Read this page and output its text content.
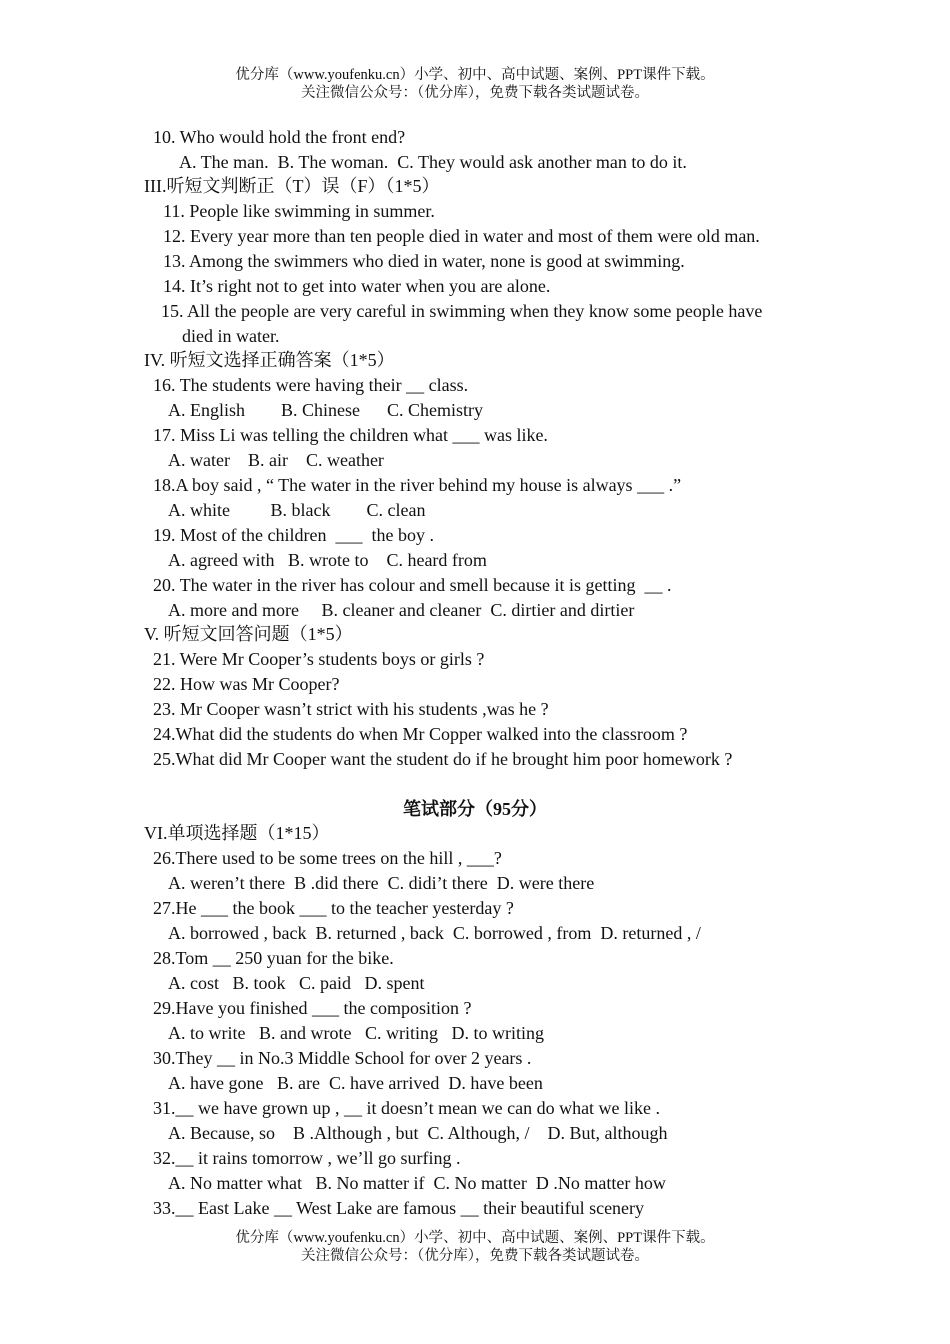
优分库（www.youfenku.cn）小学、初中、高中试题、案例、PPT课件下载。
关注微信公众号：（优分库），免费下载各类试题试卷。
10. Who would hold the front end?
A. The man.  B. The woman.  C. They would ask another man to do it.
III.听短文判断正（T）误（F）（1*5）
11. People like swimming in summer.
12. Every year more than ten people died in water and most of them were old man.
13. Among the swimmers who died in water, none is good at swimming.
14. It’s right not to get into water when you are alone.
15. All the people are very careful in swimming when they know some people have
died in water.
IV. 听短文选择正确答案（1*5）
16. The students were having their __ class.
A. English        B. Chinese      C. Chemistry
17. Miss Li was telling the children what ___ was like.
A. water    B. air    C. weather
18.A boy said , “ The water in the river behind my house is always ___ .”
A. white         B. black        C. clean
19. Most of the children  ___  the boy .
A. agreed with   B. wrote to    C. heard from
20. The water in the river has colour and smell because it is getting  __ .
A. more and more     B. cleaner and cleaner  C. dirtier and dirtier
V. 听短文回答问题（1*5）
21. Were Mr Cooper’s students boys or girls ?
22. How was Mr Cooper?
23. Mr Cooper wasn’t strict with his students ,was he ?
24.What did the students do when Mr Copper walked into the classroom ?
25.What did Mr Cooper want the student do if he brought him poor homework ?
笔试部分（95分）
VI.单项选择题（1*15）
26.There used to be some trees on the hill , ___?
A. weren’t there  B .did there  C. didi’t there  D. were there
27.He ___ the book ___ to the teacher yesterday ?
A. borrowed , back  B. returned , back  C. borrowed , from  D. returned , /
28.Tom __ 250 yuan for the bike.
A. cost   B. took   C. paid   D. spent
29.Have you finished ___ the composition ?
A. to write   B. and wrote   C. writing   D. to writing
30.They __ in No.3 Middle School for over 2 years .
A. have gone   B. are  C. have arrived  D. have been
31.__ we have grown up , __ it doesn’t mean we can do what we like .
A. Because, so    B .Although , but  C. Although, /    D. But, although
32.__ it rains tomorrow , we’ll go surfing .
A. No matter what   B. No matter if  C. No matter  D .No matter how
33.__ East Lake __ West Lake are famous __ their beautiful scenery
优分库（www.youfenku.cn）小学、初中、高中试题、案例、PPT课件下载。
关注微信公众号：（优分库），免费下载各类试题试卷。
